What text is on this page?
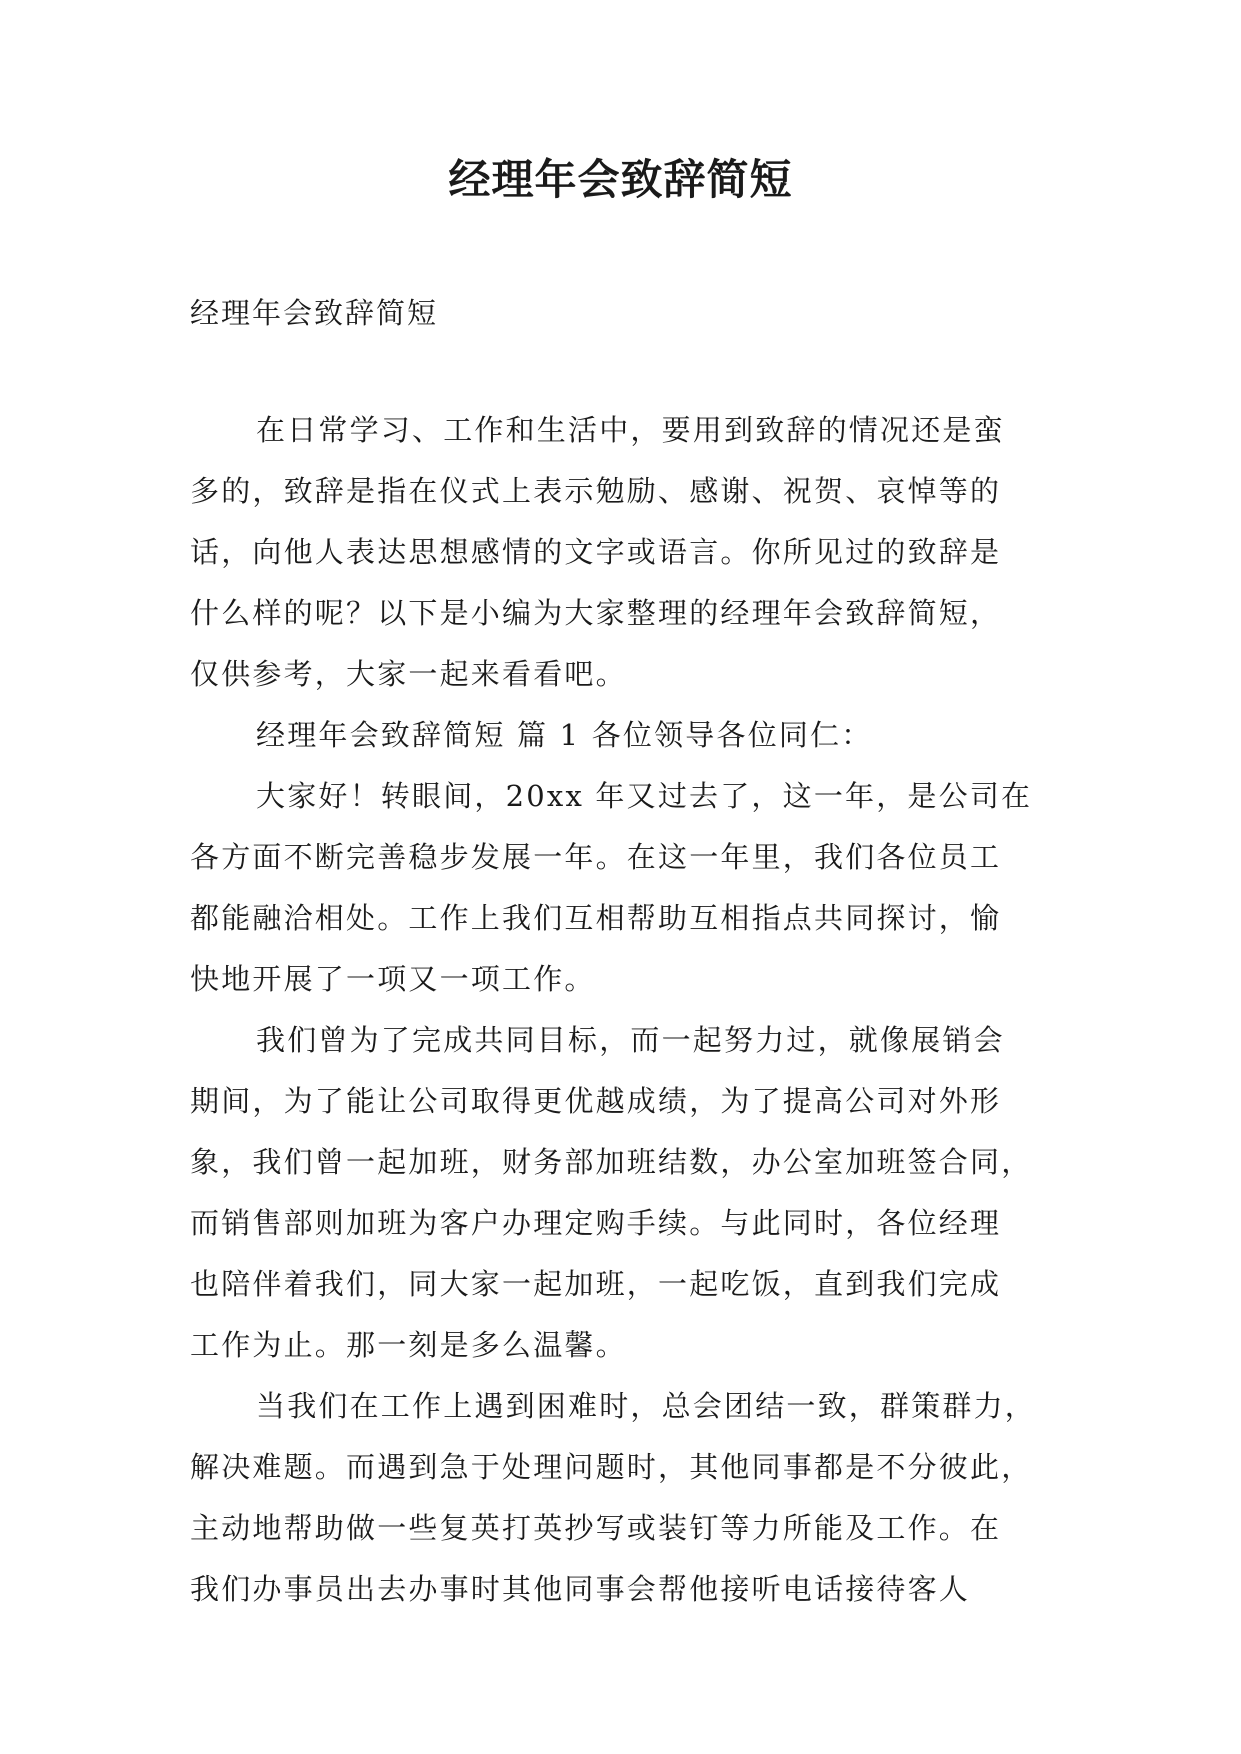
经理年会致辞简短

经理年会致辞简短

在日常学习、工作和生活中，要用到致辞的情况还是蛮
多的，致辞是指在仪式上表示勉励、感谢、祝贺、哀悼等的
话，向他人表达思想感情的文字或语言。你所见过的致辞是
什么样的呢？以下是小编为大家整理的经理年会致辞简短，
仅供参考，大家一起来看看吧。
经理年会致辞简短 篇 1 各位领导各位同仁：
大家好！转眼间，20xx 年又过去了，这一年，是公司在
各方面不断完善稳步发展一年。在这一年里，我们各位员工
都能融洽相处。工作上我们互相帮助互相指点共同探讨，愉
快地开展了一项又一项工作。
我们曾为了完成共同目标，而一起努力过，就像展销会
期间，为了能让公司取得更优越成绩，为了提高公司对外形
象，我们曾一起加班，财务部加班结数，办公室加班签合同，
而销售部则加班为客户办理定购手续。与此同时，各位经理
也陪伴着我们，同大家一起加班，一起吃饭，直到我们完成
工作为止。那一刻是多么温馨。
当我们在工作上遇到困难时，总会团结一致，群策群力，
解决难题。而遇到急于处理问题时，其他同事都是不分彼此，
主动地帮助做一些复英打英抄写或装钉等力所能及工作。在
我们办事员出去办事时其他同事会帮他接听电话接待客人
